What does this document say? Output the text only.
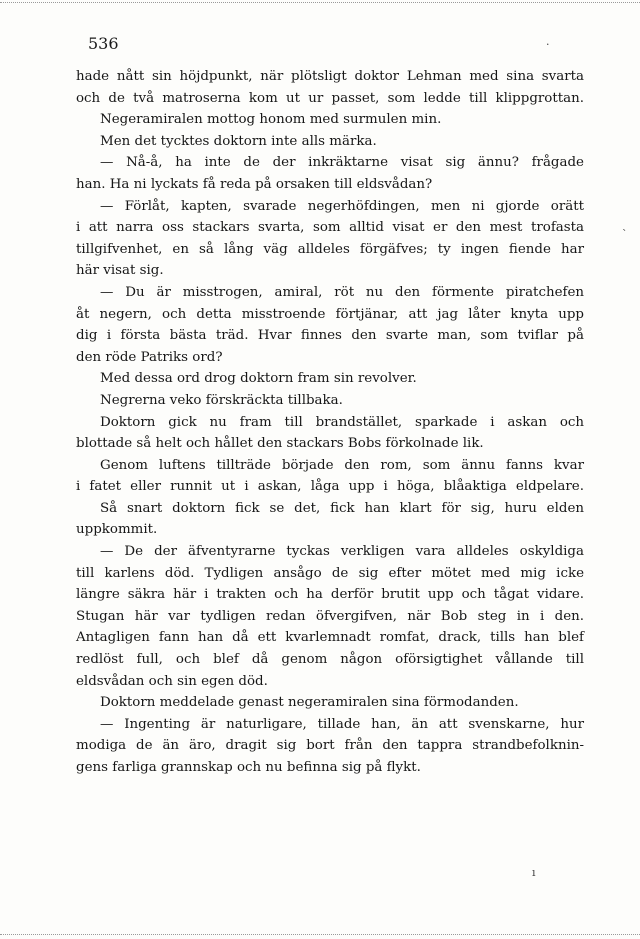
536
hade nått sin höjdpunkt, när plötsligt doktor Lehman med sina svarta
och de två matroserna kom ut ur passet, som ledde till klippgrottan.
Negeramiralen mottog honom med surmulen min.
Men det tycktes doktorn inte alls märka.
— Nå-å, ha inte de der inkräktarne visat sig ännu? frågade
han. Ha ni lyckats få reda på orsaken till eldsvådan?
— Förlåt, kapten, svarade negerhöfdingen, men ni gjorde orätt
i att narra oss stackars svarta, som alltid visat er den mest trofasta
tillgifvenhet, en så lång väg alldeles förgäfves; ty ingen fiende har
här visat sig.
— Du är misstrogen, amiral, röt nu den förmente piratchefen
åt negern, och detta misstroende förtjänar, att jag låter knyta upp
dig i första bästa träd. Hvar finnes den svarte man, som tviflar på
den röde Patriks ord?
Med dessa ord drog doktorn fram sin revolver.
Negrerna veko förskräckta tillbaka.
Doktorn gick nu fram till brandstället, sparkade i askan och
blottade så helt och hållet den stackars Bobs förkolnade lik.
Genom luftens tillträde började den rom, som ännu fanns kvar
i fatet eller runnit ut i askan, låga upp i höga, blåaktiga eldpelare.
Så snart doktorn fick se det, fick han klart för sig, huru elden
uppkommit.
— De der äfventyrarne tyckas verkligen vara alldeles oskyldiga
till karlens död. Tydligen ansågo de sig efter mötet med mig icke
längre säkra här i trakten och ha derför brutit upp och tågat vidare.
Stugan här var tydligen redan öfvergifven, när Bob steg in i den.
Antagligen fann han då ett kvarlemnadt romfat, drack, tills han blef
redlöst full, och blef då genom någon oförsigtighet vållande till
eldsvådan och sin egen död.
Doktorn meddelade genast negeramiralen sina förmodanden.
— Ingenting är naturligare, tillade han, än att svenskarne, hur
modiga de än äro, dragit sig bort från den tappra strandbefolknin-
gens farliga grannskap och nu befinna sig på flykt.
·
`
ı
